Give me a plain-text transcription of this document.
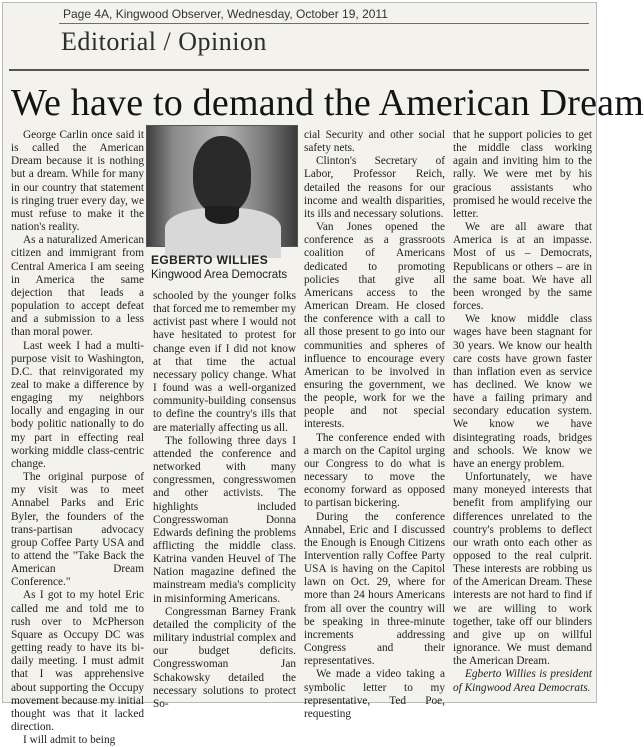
Page 4A, Kingwood Observer, Wednesday, October 19, 2011
Editorial / Opinion
We have to demand the American Dream

George Carlin once said it is called the American Dream because it is nothing but a dream. While for many in our country that statement is ringing truer every day, we must refuse to make it the nation's reality.

As a naturalized American citizen and immigrant from Central America I am seeing in America the same dejection that leads a population to accept defeat and a submission to a less than moral power.

Last week I had a multi-purpose visit to Washington, D.C. that reinvigorated my zeal to make a difference by engaging my neighbors locally and engaging in our body politic nationally to do my part in effecting real working middle class-centric change.

The original purpose of my visit was to meet Annabel Parks and Eric Byler, the founders of the trans-partisan advocacy group Coffee Party USA and to attend the "Take Back the American Dream Conference."

As I got to my hotel Eric called me and told me to rush over to McPherson Square as Occupy DC was getting ready to have its bi-daily meeting. I must admit that I was apprehensive about supporting the Occupy movement because my initial thought was that it lacked direction.

I will admit to being

EGBERTO WILLIES
Kingwood Area Democrats

schooled by the younger folks that forced me to remember my activist past where I would not have hesitated to protest for change even if I did not know at that time the actual necessary policy change. What I found was a well-organized community-building consensus to define the country's ills that are materially affecting us all.

The following three days I attended the conference and networked with many congressmen, congresswomen and other activists. The highlights included Congresswoman Donna Edwards defining the problems afflicting the middle class. Katrina vanden Heuvel of The Nation magazine defined the mainstream media's complicity in misinforming Americans.

Congressman Barney Frank detailed the complicity of the military industrial complex and our budget deficits. Congresswoman Jan Schakowsky detailed the necessary solutions to protect So-

cial Security and other social safety nets.

Clinton's Secretary of Labor, Professor Reich, detailed the reasons for our income and wealth disparities, its ills and necessary solutions.

Van Jones opened the conference as a grassroots coalition of Americans dedicated to promoting policies that give all Americans access to the American Dream. He closed the conference with a call to all those present to go into our communities and spheres of influence to encourage every American to be involved in ensuring the government, we the people, work for we the people and not special interests.

The conference ended with a march on the Capitol urging our Congress to do what is necessary to move the economy forward as opposed to partisan bickering.

During the conference Annabel, Eric and I discussed the Enough is Enough Citizens Intervention rally Coffee Party USA is having on the Capitol lawn on Oct. 29, where for more than 24 hours Americans from all over the country will be speaking in three-minute increments addressing Congress and their representatives.

We made a video taking a symbolic letter to my representative, Ted Poe, requesting

that he support policies to get the middle class working again and inviting him to the rally. We were met by his gracious assistants who promised he would receive the letter.

We are all aware that America is at an impasse. Most of us – Democrats, Republicans or others – are in the same boat. We have all been wronged by the same forces.

We know middle class wages have been stagnant for 30 years. We know our health care costs have grown faster than inflation even as service has declined. We know we have a failing primary and secondary education system. We know we have disintegrating roads, bridges and schools. We know we have an energy problem.

Unfortunately, we have many moneyed interests that benefit from amplifying our differences unrelated to the country's problems to deflect our wrath onto each other as opposed to the real culprit. These interests are robbing us of the American Dream. These interests are not hard to find if we are willing to work together, take off our blinders and give up on willful ignorance. We must demand the American Dream.

Egberto Willies is president of Kingwood Area Democrats.
